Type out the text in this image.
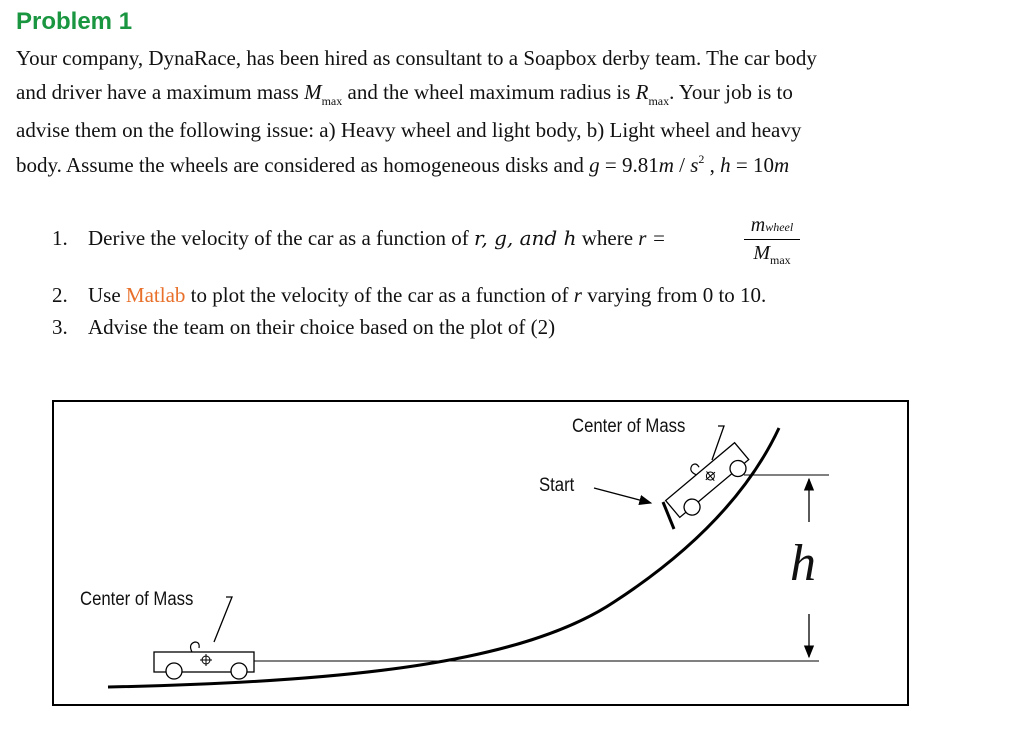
Problem 1
Your company, DynaRace, has been hired as consultant to a Soapbox derby team. The car body
and driver have a maximum mass $M_{max}$ and the wheel maximum radius is $R_{max}$. Your job is to
advise them on the following issue: a) Heavy wheel and light body, b) Light wheel and heavy
body. Assume the wheels are considered as homogeneous disks and $g = 9.81m / s^2$ , h = 10m
1. Derive the velocity of the car as a function of r, g, and h where r =
mwheel
$M_{max}$
2. Use Matlab to plot the velocity of the car as a function of r varying from 0 to 10.
3. Advise the team on their choice based on the plot of (2)
Center of Mass
Start
Center of Mass
h
